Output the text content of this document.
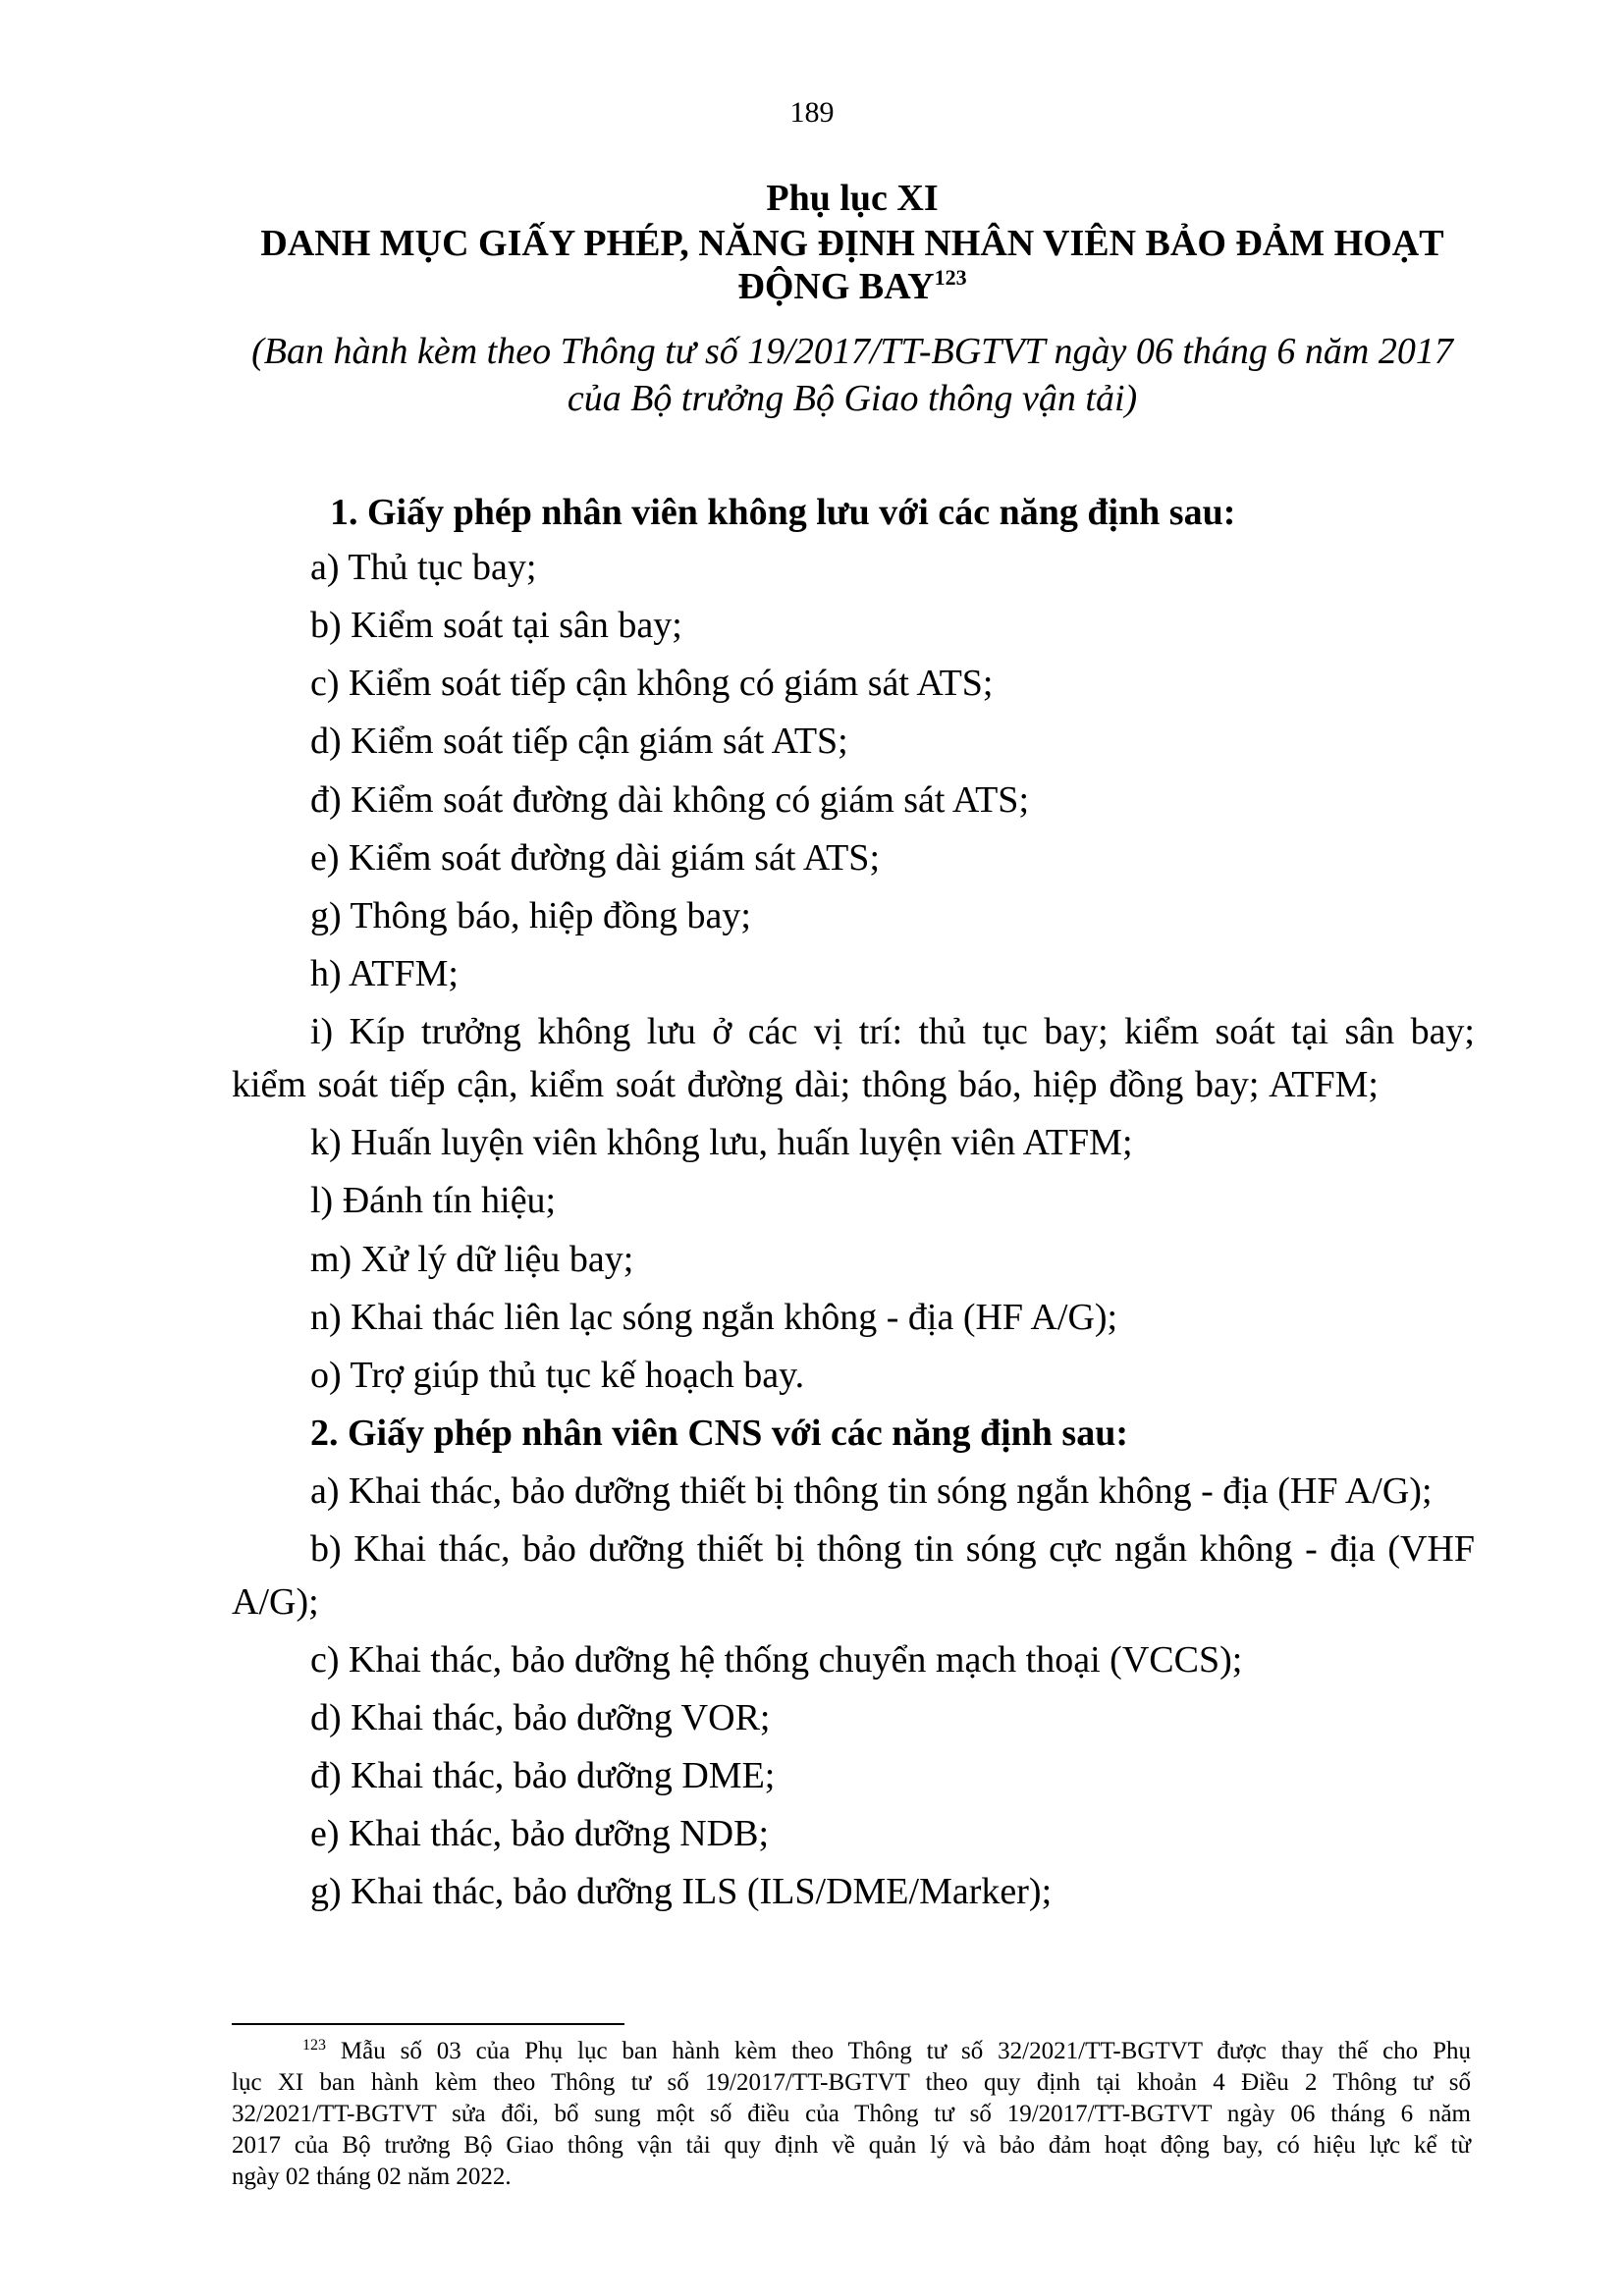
189
Phụ lục XI
DANH MỤC GIẤY PHÉP, NĂNG ĐỊNH NHÂN VIÊN BẢO ĐẢM HOẠT
ĐỘNG BAY$^{123}$
(Ban hành kèm theo Thông tư số 19/2017/TT-BGTVT ngày 06 tháng 6 năm 2017
của Bộ trưởng Bộ Giao thông vận tải)
1. Giấy phép nhân viên không lưu với các năng định sau:
a) Thủ tục bay;
b) Kiểm soát tại sân bay;
c) Kiểm soát tiếp cận không có giám sát ATS;
d) Kiểm soát tiếp cận giám sát ATS;
đ) Kiểm soát đường dài không có giám sát ATS;
e) Kiểm soát đường dài giám sát ATS;
g) Thông báo, hiệp đồng bay;
h) ATFM;
i) Kíp trưởng không lưu ở các vị trí: thủ tục bay; kiểm soát tại sân bay;
kiểm soát tiếp cận, kiểm soát đường dài; thông báo, hiệp đồng bay; ATFM;
k) Huấn luyện viên không lưu, huấn luyện viên ATFM;
l) Đánh tín hiệu;
m) Xử lý dữ liệu bay;
n) Khai thác liên lạc sóng ngắn không - địa (HF A/G);
o) Trợ giúp thủ tục kế hoạch bay.
2. Giấy phép nhân viên CNS với các năng định sau:
a) Khai thác, bảo dưỡng thiết bị thông tin sóng ngắn không - địa (HF A/G);
b) Khai thác, bảo dưỡng thiết bị thông tin sóng cực ngắn không - địa (VHF
A/G);
c) Khai thác, bảo dưỡng hệ thống chuyển mạch thoại (VCCS);
d) Khai thác, bảo dưỡng VOR;
đ) Khai thác, bảo dưỡng DME;
e) Khai thác, bảo dưỡng NDB;
g) Khai thác, bảo dưỡng ILS (ILS/DME/Marker);
$^{123}$ Mẫu số 03 của Phụ lục ban hành kèm theo Thông tư số 32/2021/TT-BGTVT được thay thế cho Phụ
lục XI ban hành kèm theo Thông tư số 19/2017/TT-BGTVT theo quy định tại khoản 4 Điều 2 Thông tư số
32/2021/TT-BGTVT sửa đổi, bổ sung một số điều của Thông tư số 19/2017/TT-BGTVT ngày 06 tháng 6 năm
2017 của Bộ trưởng Bộ Giao thông vận tải quy định về quản lý và bảo đảm hoạt động bay, có hiệu lực kể từ
ngày 02 tháng 02 năm 2022.
